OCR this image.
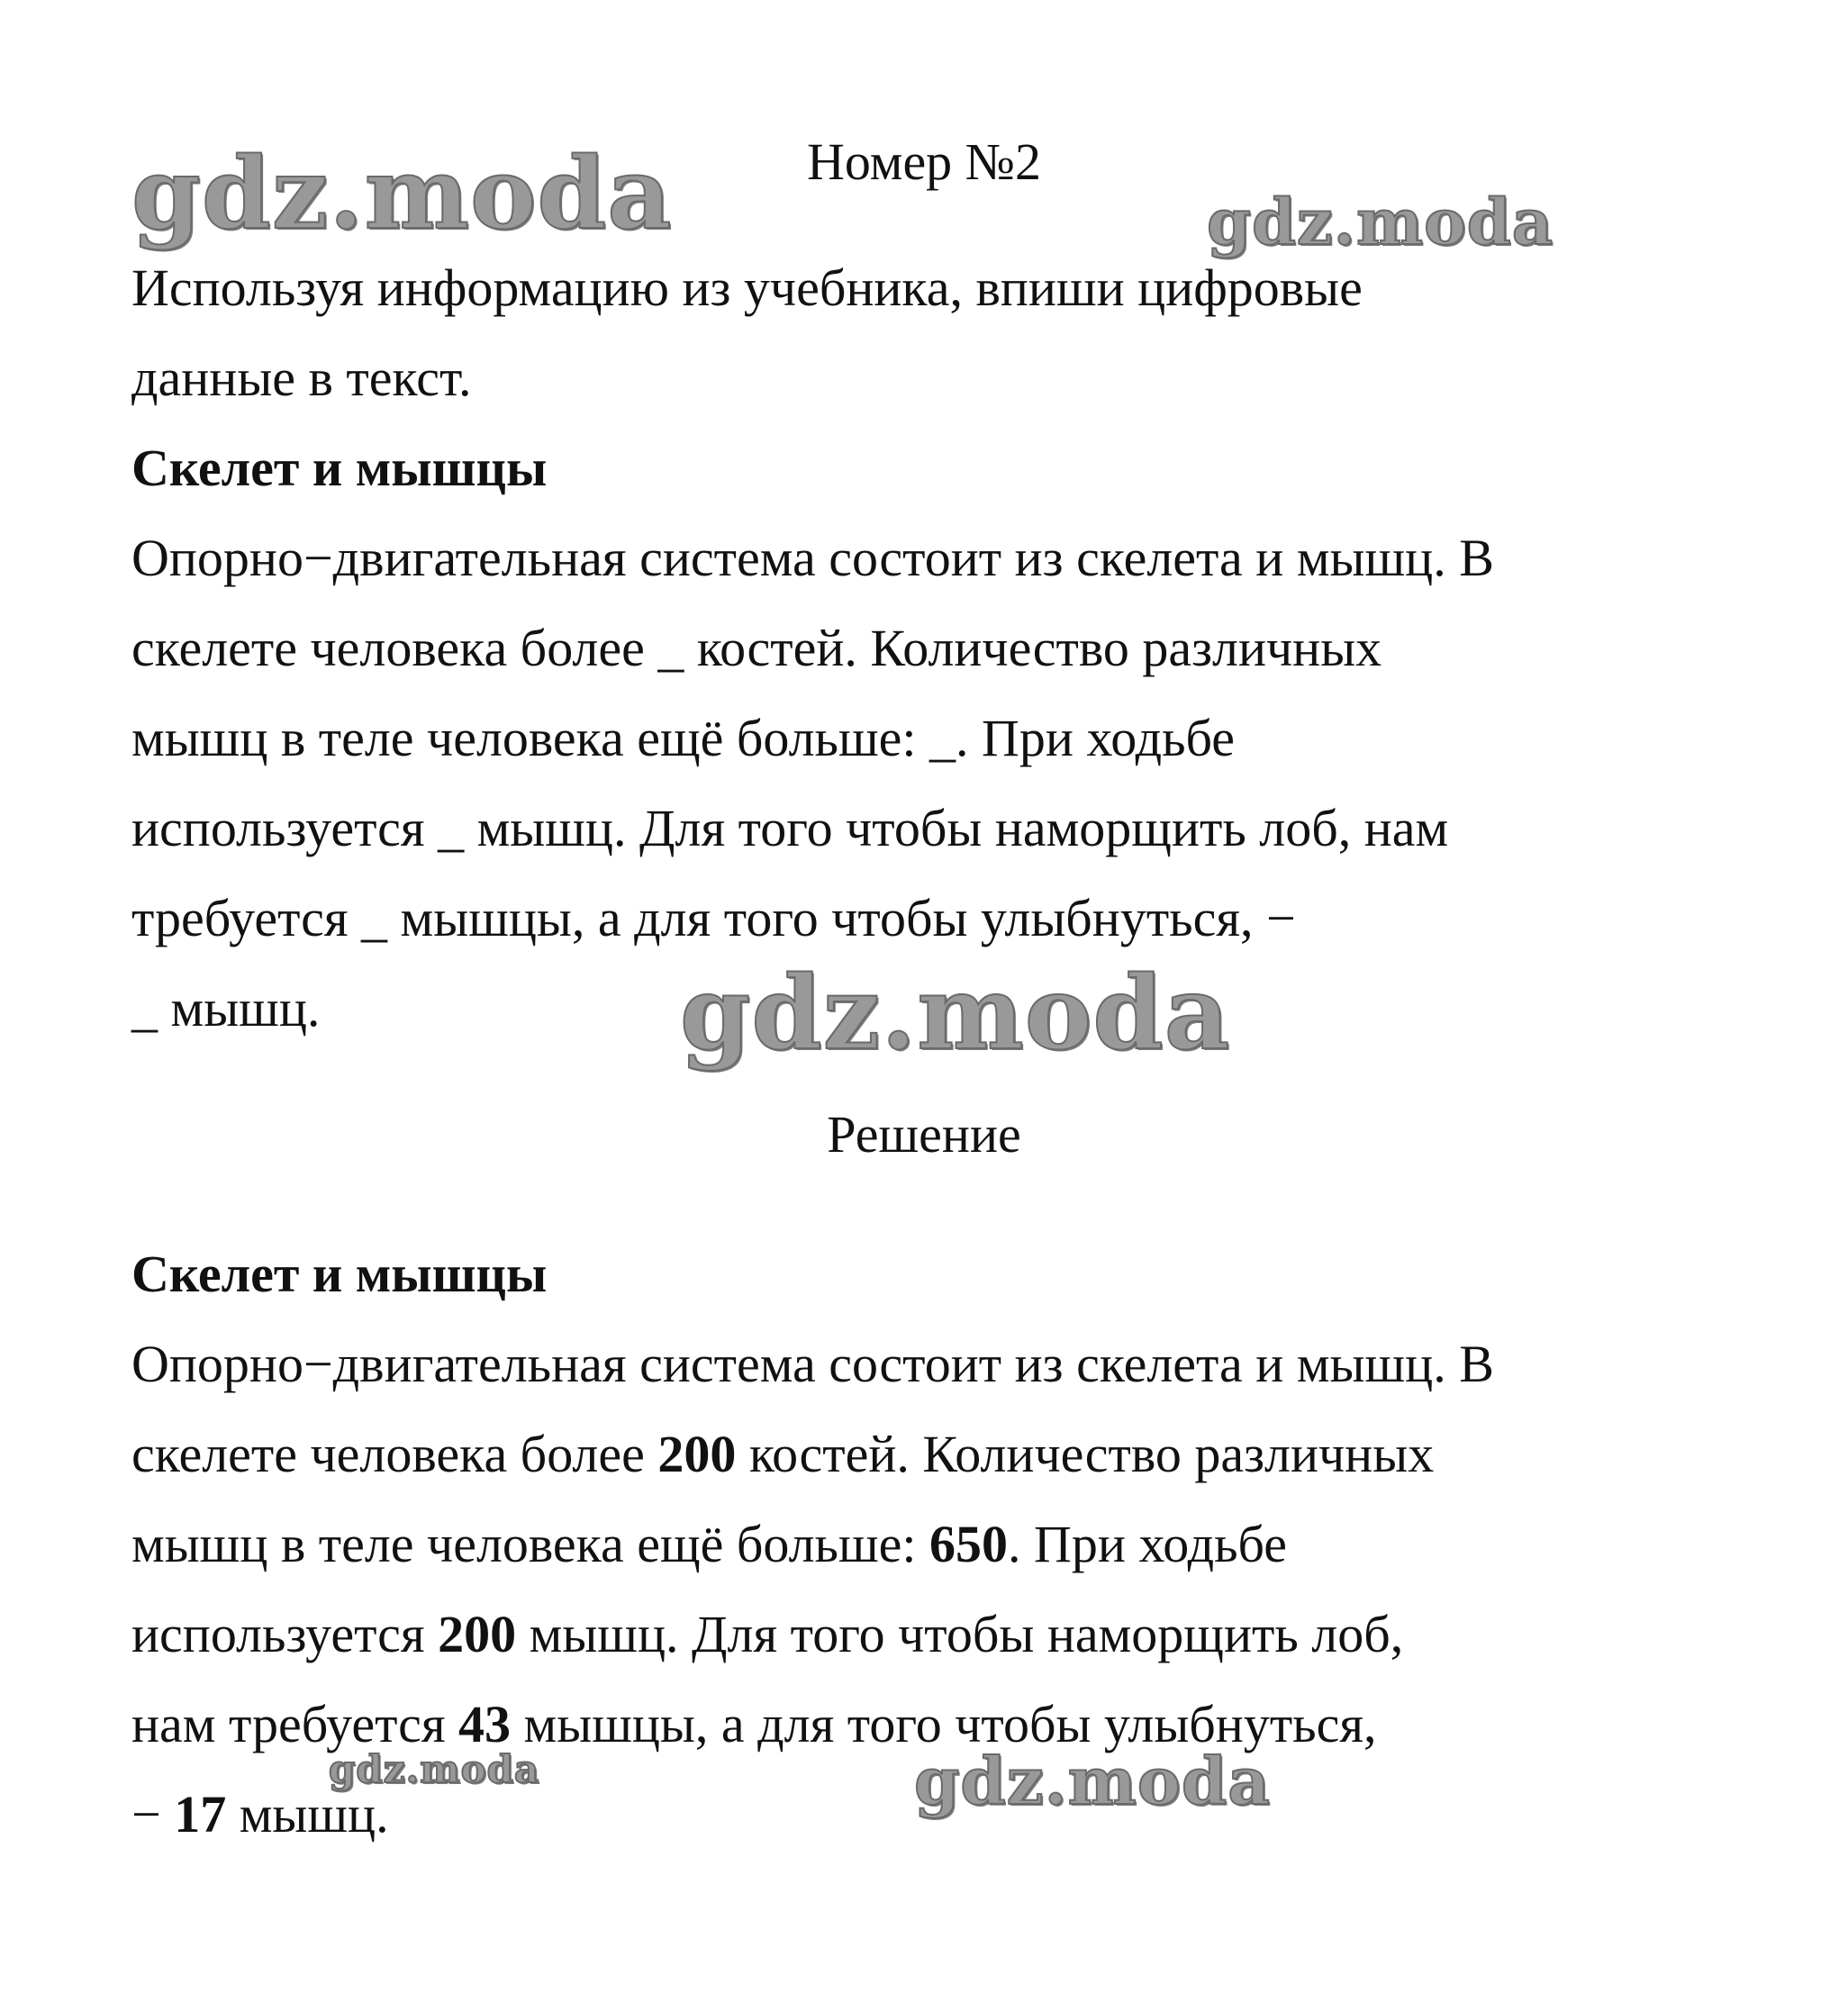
gdz.moda	gdz.moda
gdz.moda
gdz.moda	gdz.moda
Номер №2

Используя информацию из учебника, впиши цифровые

данные в текст.

Скелет и мышцы

Опорно−двигательная система состоит из скелета и мышц. В

скелете человека более _ костей. Количество различных

мышц в теле человека ещё больше: _. При ходьбе

используется _ мышц. Для того чтобы наморщить лоб, нам

требуется _ мышцы, а для того чтобы улыбнуться, −

_ мышц.

Решение

Скелет и мышцы

Опорно−двигательная система состоит из скелета и мышц. В

скелете человека более 200 костей. Количество различных

мышц в теле человека ещё больше: 650. При ходьбе

используется 200 мышц. Для того чтобы наморщить лоб,

нам требуется 43 мышцы, а для того чтобы улыбнуться,

− 17 мышц.
